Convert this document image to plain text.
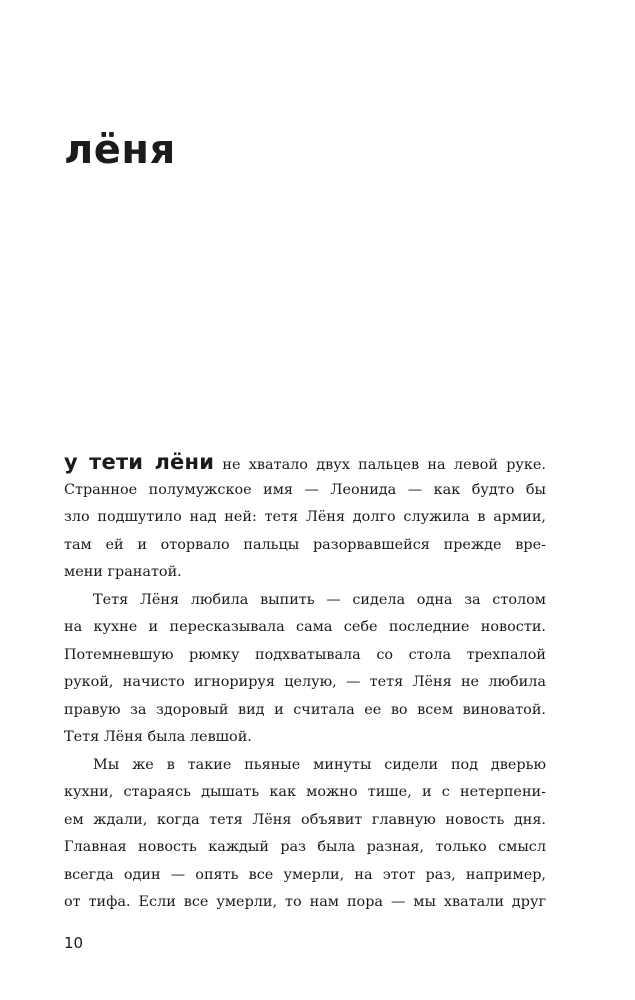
лёня
у тети лёни не хватало двух пальцев на левой руке.
Странное полумужское имя — Леонида — как будто бы
зло подшутило над ней: тетя Лёня долго служила в армии,
там ей и оторвало пальцы разорвавшейся прежде вре-
мени гранатой.
Тетя Лёня любила выпить — сидела одна за столом
на кухне и пересказывала сама себе последние новости.
Потемневшую рюмку подхватывала со стола трехпалой
рукой, начисто игнорируя целую, — тетя Лёня не любила
правую за здоровый вид и считала ее во всем виноватой.
Тетя Лёня была левшой.
Мы же в такие пьяные минуты сидели под дверью
кухни, стараясь дышать как можно тише, и с нетерпени-
ем ждали, когда тетя Лёня объявит главную новость дня.
Главная новость каждый раз была разная, только смысл
всегда один — опять все умерли, на этот раз, например,
от тифа. Если все умерли, то нам пора — мы хватали друг
10
